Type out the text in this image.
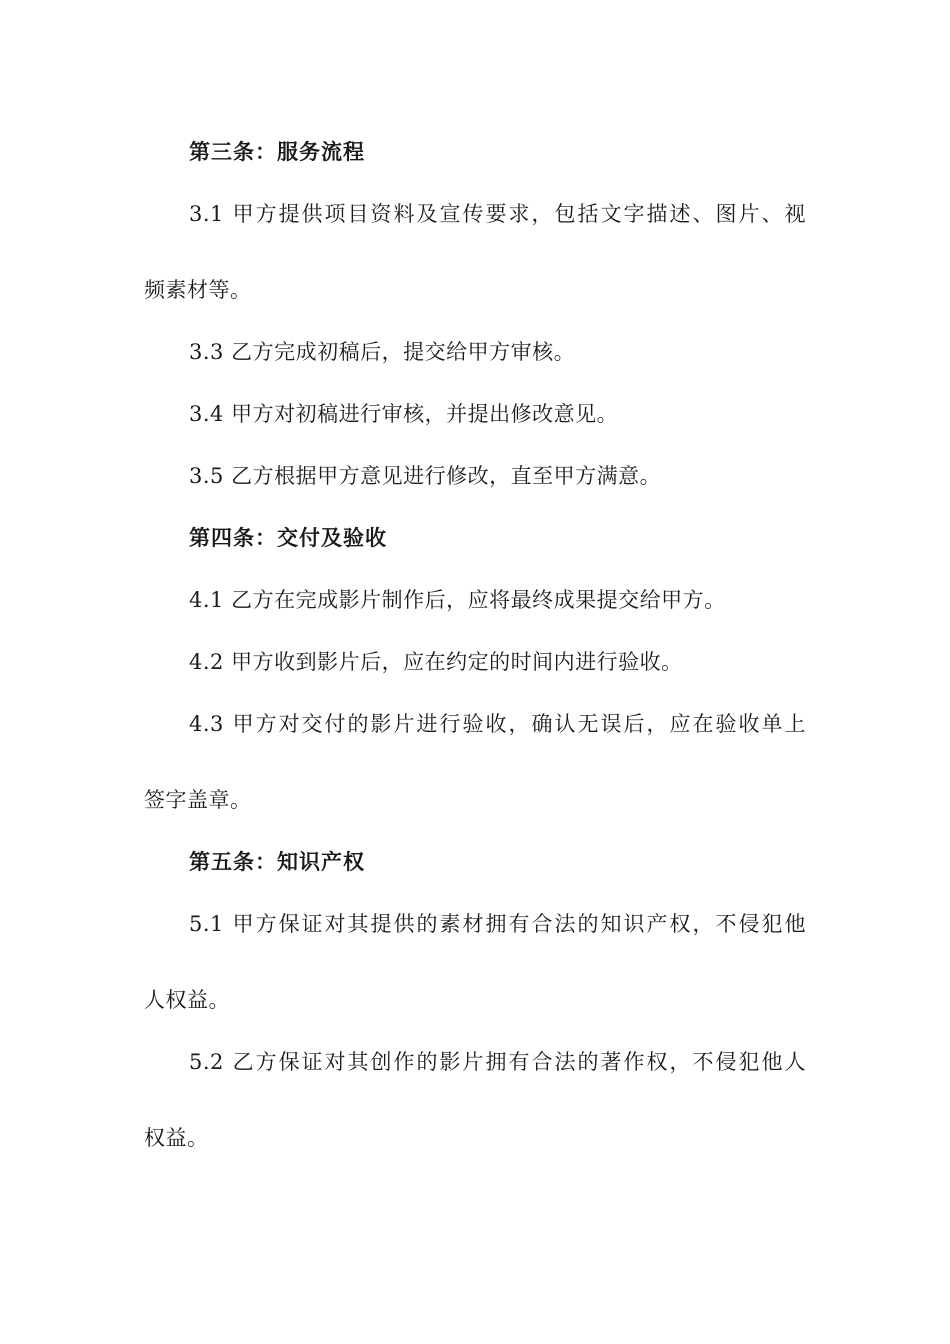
第三条：服务流程
3.1 甲方提供项目资料及宣传要求，包括文字描述、图片、视
频素材等。
3.3 乙方完成初稿后，提交给甲方审核。
3.4 甲方对初稿进行审核，并提出修改意见。
3.5 乙方根据甲方意见进行修改，直至甲方满意。
第四条：交付及验收
4.1 乙方在完成影片制作后，应将最终成果提交给甲方。
4.2 甲方收到影片后，应在约定的时间内进行验收。
4.3 甲方对交付的影片进行验收，确认无误后，应在验收单上
签字盖章。
第五条：知识产权
5.1 甲方保证对其提供的素材拥有合法的知识产权，不侵犯他
人权益。
5.2 乙方保证对其创作的影片拥有合法的著作权，不侵犯他人
权益。
